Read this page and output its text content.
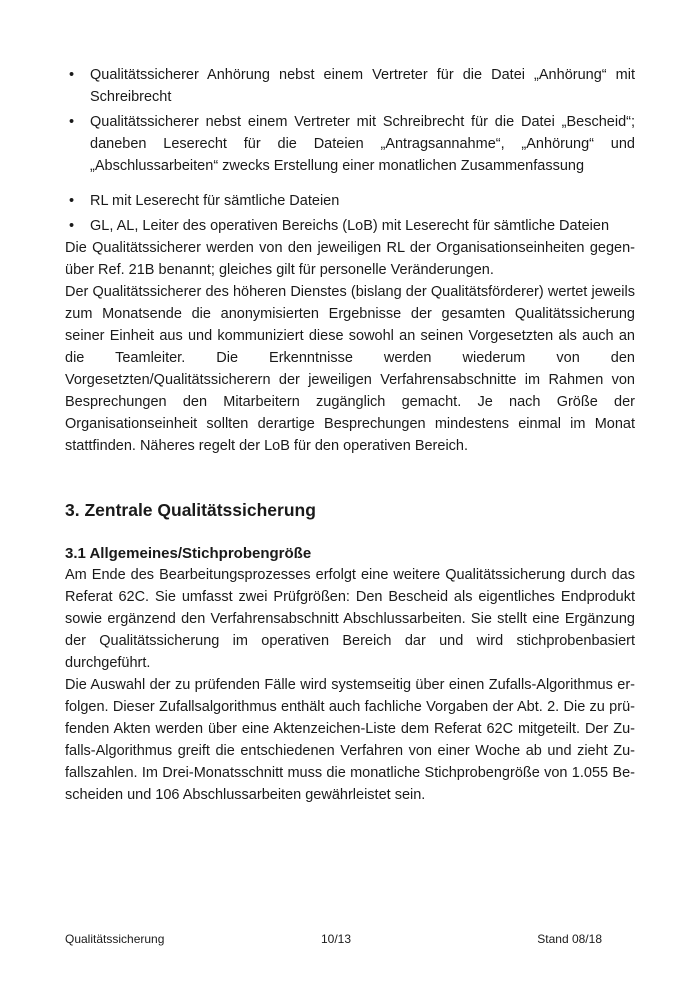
• Qualitätssicherer Anhörung nebst einem Vertreter für die Datei „Anhörung“ mit Schreibrecht
• Qualitätssicherer nebst einem Vertreter mit Schreibrecht für die Datei „Bescheid“; daneben Leserecht für die Dateien „Antragsannahme“, „Anhörung“ und „Abschlussarbeiten“ zwecks Erstellung einer monatlichen Zusammenfassung
• RL mit Leserecht für sämtliche Dateien
• GL, AL, Leiter des operativen Bereichs (LoB) mit Leserecht für sämtliche Dateien

Die Qualitätssicherer werden von den jeweiligen RL der Organisationseinheiten gegenüber Ref. 21B benannt; gleiches gilt für personelle Veränderungen.

Der Qualitätssicherer des höheren Dienstes (bislang der Qualitätsförderer) wertet jeweils zum Monatsende die anonymisierten Ergebnisse der gesamten Qualitätssicherung seiner Einheit aus und kommuniziert diese sowohl an seinen Vorgesetzten als auch an die Teamleiter. Die Erkenntnisse werden wiederum von den Vorgesetzten/Qualitätssicherern der jeweiligen Verfahrensabschnitte im Rahmen von Besprechungen den Mitarbeitern zugänglich gemacht. Je nach Größe der Organisationseinheit sollten derartige Besprechungen mindestens einmal im Monat stattfinden. Näheres regelt der LoB für den operativen Bereich.

3. Zentrale Qualitätssicherung
3.1 Allgemeines/Stichprobengröße

Am Ende des Bearbeitungsprozesses erfolgt eine weitere Qualitätssicherung durch das Referat 62C. Sie umfasst zwei Prüfgrößen: Den Bescheid als eigentliches Endprodukt sowie ergänzend den Verfahrensabschnitt Abschlussarbeiten. Sie stellt eine Ergänzung der Qualitätssicherung im operativen Bereich dar und wird stichprobenbasiert durchgeführt.

Die Auswahl der zu prüfenden Fälle wird systemseitig über einen Zufalls-Algorithmus erfolgen. Dieser Zufallsalgorithmus enthält auch fachliche Vorgaben der Abt. 2. Die zu prüfenden Akten werden über eine Aktenzeichen-Liste dem Referat 62C mitgeteilt. Der Zufalls-Algorithmus greift die entschiedenen Verfahren von einer Woche ab und zieht Zufallszahlen. Im Drei-Monatsschnitt muss die monatliche Stichprobengröße von 1.055 Bescheiden und 106 Abschlussarbeiten gewährleistet sein.

Qualitätssicherung	10/13	Stand 08/18
